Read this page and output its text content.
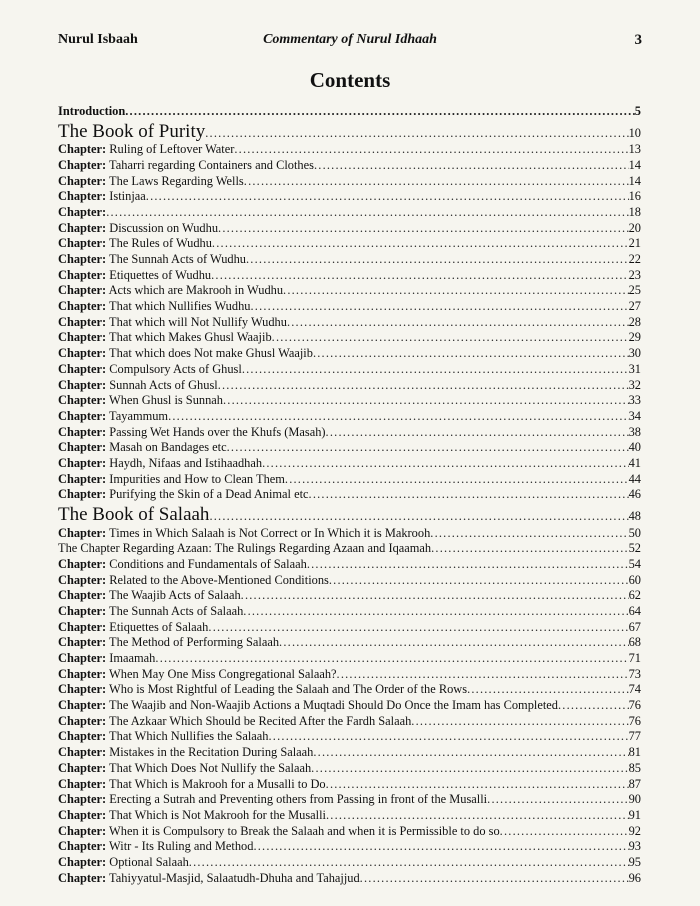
Nurul Isbaah	Commentary of Nurul Idhaah	3
Contents
Introduction .....	5
The Book of Purity .....	10
Chapter: Ruling of Leftover Water .....	13
Chapter: Taharri regarding Containers and Clothes .....	14
Chapter: The Laws Regarding Wells .....	14
Chapter: Istinjaa .....	16
Chapter: .....	18
Chapter: Discussion on Wudhu .....	20
Chapter: The Rules of Wudhu .....	21
Chapter: The Sunnah Acts of Wudhu .....	22
Chapter: Etiquettes of Wudhu .....	23
Chapter: Acts which are Makrooh in Wudhu .....	25
Chapter: That which Nullifies Wudhu .....	27
Chapter: That which will Not Nullify Wudhu .....	28
Chapter: That which Makes Ghusl Waajib .....	29
Chapter: That which does Not make Ghusl Waajib .....	30
Chapter: Compulsory Acts of Ghusl .....	31
Chapter: Sunnah Acts of Ghusl .....	32
Chapter: When Ghusl is Sunnah .....	33
Chapter: Tayammum .....	34
Chapter: Passing Wet Hands over the Khufs (Masah) .....	38
Chapter: Masah on Bandages etc .....	40
Chapter: Haydh, Nifaas and Istihaadhah .....	41
Chapter: Impurities and How to Clean Them .....	44
Chapter: Purifying the Skin of a Dead Animal etc .....	46
The Book of Salaah .....	48
Chapter: Times in Which Salaah is Not Correct or In Which it is Makrooh .....	50
The Chapter Regarding Azaan: The Rulings Regarding Azaan and Iqaamah .....	52
Chapter: Conditions and Fundamentals of Salaah .....	54
Chapter: Related to the Above-Mentioned Conditions .....	60
Chapter: The Waajib Acts of Salaah .....	62
Chapter: The Sunnah Acts of Salaah .....	64
Chapter: Etiquettes of Salaah .....	67
Chapter: The Method of Performing Salaah .....	68
Chapter: Imaamah .....	71
Chapter: When May One Miss Congregational Salaah? .....	73
Chapter: Who is Most Rightful of Leading the Salaah and The Order of the Rows .....	74
Chapter: The Waajib and Non-Waajib Actions a Muqtadi Should Do Once the Imam has Completed .....	76
Chapter: The Azkaar Which Should be Recited After the Fardh Salaah .....	76
Chapter: That Which Nullifies the Salaah .....	77
Chapter: Mistakes in the Recitation During Salaah .....	81
Chapter: That Which Does Not Nullify the Salaah .....	85
Chapter: That Which is Makrooh for a Musalli to Do .....	87
Chapter: Erecting a Sutrah and Preventing others from Passing in front of the Musalli .....	90
Chapter: That Which is Not Makrooh for the Musalli .....	91
Chapter: When it is Compulsory to Break the Salaah and when it is Permissible to do so .....	92
Chapter: Witr - Its Ruling and Method .....	93
Chapter: Optional Salaah .....	95
Chapter: Tahiyyatul-Masjid, Salaatudh-Dhuha and Tahajjud .....	96
